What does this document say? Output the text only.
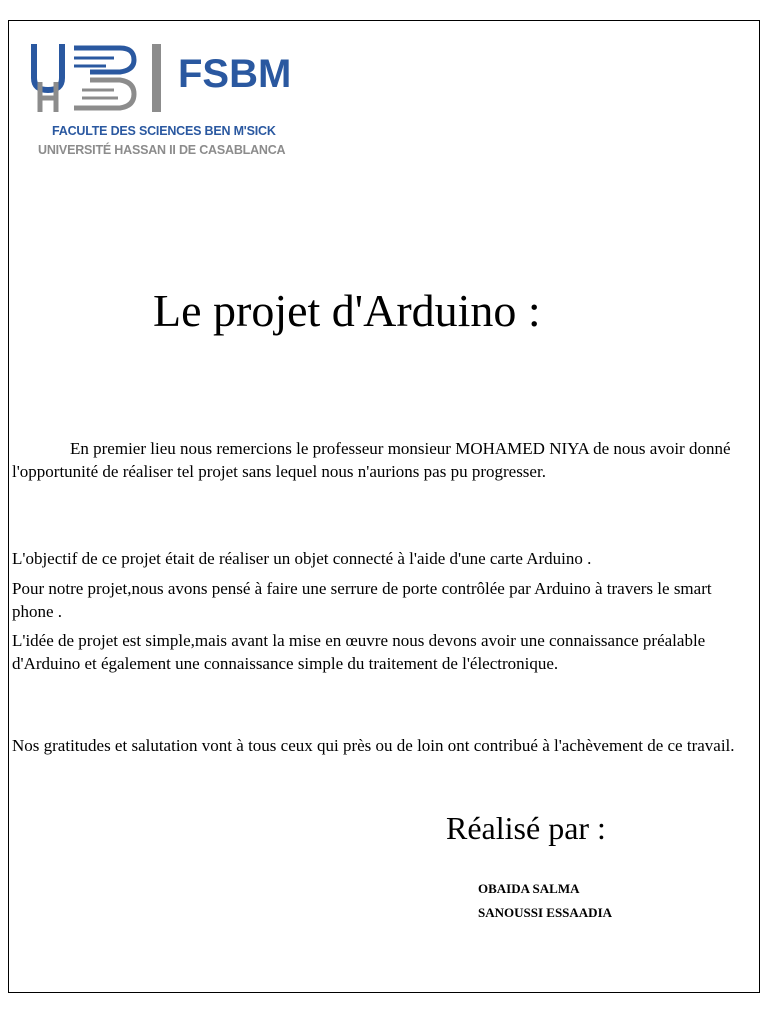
FSBM
FACULTE DES SCIENCES BEN M'SICK
UNIVERSITÉ HASSAN II DE CASABLANCA
Le projet d'Arduino :
En premier lieu nous remercions le professeur monsieur MOHAMED NIYA de nous avoir donné l'opportunité de réaliser tel projet sans lequel nous n'aurions pas pu progresser.
L'objectif de ce projet était de réaliser un objet connecté à l'aide d'une carte Arduino .
Pour notre projet,nous avons pensé à faire une serrure de porte contrôlée par Arduino à travers le smart phone .
L'idée de projet est simple,mais avant la mise en œuvre nous devons avoir une connaissance préalable d'Arduino et également une connaissance simple du traitement de l'électronique.
Nos gratitudes et salutation vont à tous ceux qui près ou de loin ont contribué à l'achèvement de ce travail.
Réalisé par :
OBAIDA SALMA
SANOUSSI ESSAADIA
